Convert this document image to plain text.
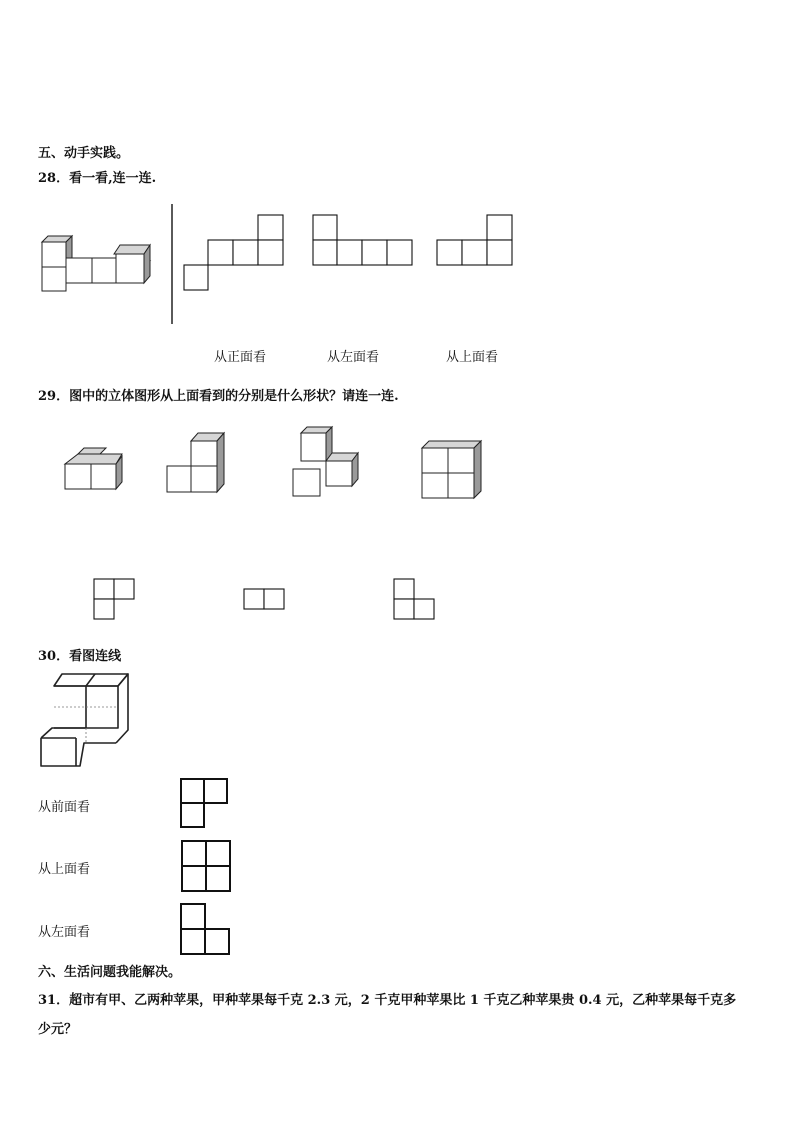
五、动手实践。
28．看一看,连一连.
从正面看	从左面看	从上面看
29．图中的立体图形从上面看到的分别是什么形状？请连一连.
30．看图连线
从前面看
从上面看
从左面看
六、生活问题我能解决。
31．超市有甲、乙两种苹果，甲种苹果每千克 2.3 元，2 千克甲种苹果比 1 千克乙种苹果贵 0.4 元，乙种苹果每千克多
少元？
